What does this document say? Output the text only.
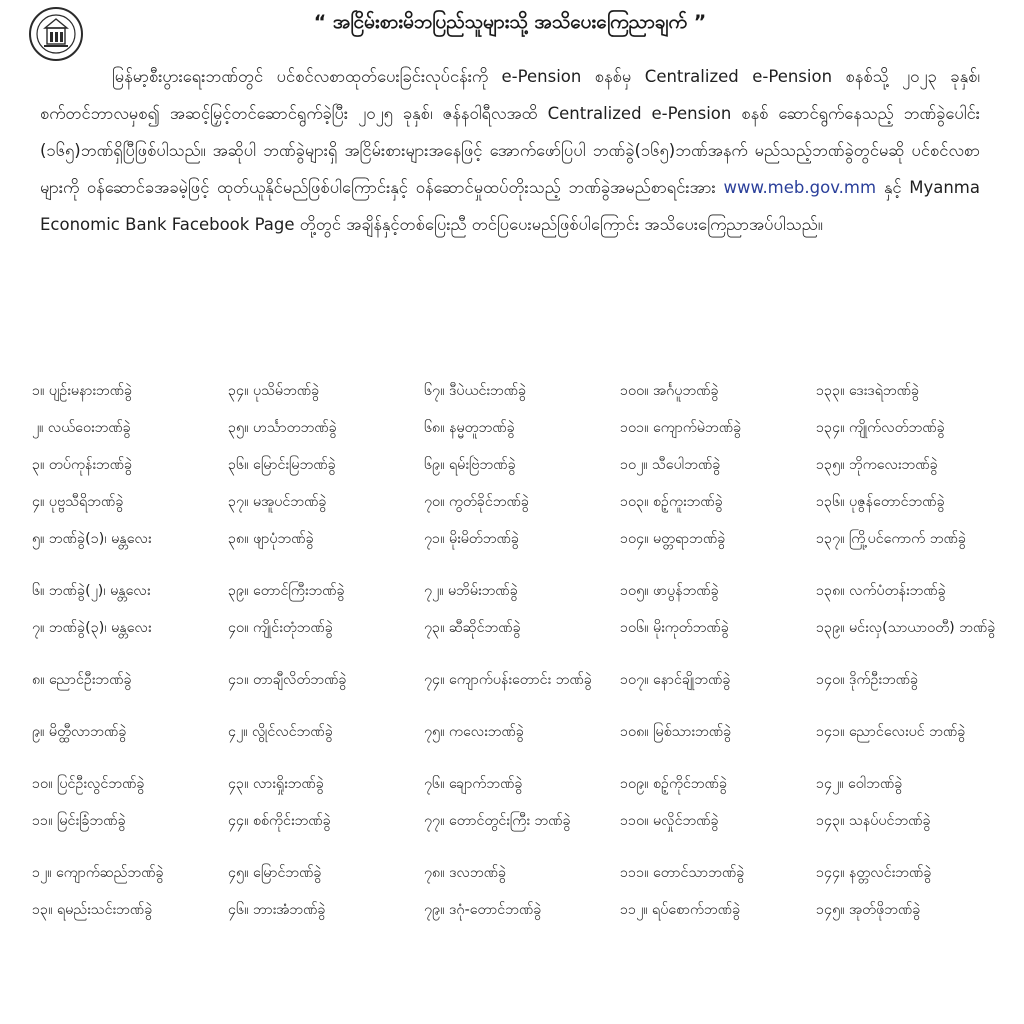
“ အငြိမ်းစားမိဘပြည်သူများသို့ အသိပေးကြေညာချက် ”

မြန်မာ့စီးပွားရေးဘဏ်တွင် ပင်စင်လစာထုတ်ပေးခြင်းလုပ်ငန်းကို e-Pension စနစ်မှ Centralized e-Pension စနစ်သို့ ၂၀၂၃ ခုနှစ်၊ စက်တင်ဘာလမှစ၍ အဆင့်မြှင့်တင်ဆောင်ရွက်ခဲ့ပြီး ၂၀၂၅ ခုနှစ်၊ ဇန်နဝါရီလအထိ Centralized e-Pension စနစ် ဆောင်ရွက်နေသည့် ဘဏ်ခွဲပေါင်း (၁၆၅)ဘဏ်ရှိပြီဖြစ်ပါသည်။ အဆိုပါ ဘဏ်ခွဲများရှိ အငြိမ်းစားများအနေဖြင့် အောက်ဖော်ပြပါ ဘဏ်ခွဲ(၁၆၅)ဘဏ်အနက် မည်သည့်ဘဏ်ခွဲတွင်မဆို ပင်စင်လစာများကို ဝန်ဆောင်ခအခမဲ့ဖြင့် ထုတ်ယူနိုင်မည်ဖြစ်ပါကြောင်းနှင့် ဝန်ဆောင်မှုထပ်တိုးသည့် ဘဏ်ခွဲအမည်စာရင်းအား www.meb.gov.mm နှင့် Myanma Economic Bank Facebook Page တို့တွင် အချိန်နှင့်တစ်ပြေးညီ တင်ပြပေးမည်ဖြစ်ပါကြောင်း အသိပေးကြေညာအပ်ပါသည်။

၁။ ပျဉ်းမနားဘဏ်ခွဲ	၃၄။ ပုသိမ်ဘဏ်ခွဲ	၆၇။ ဒီပဲယင်းဘဏ်ခွဲ	၁၀၀။ အင်္ဂပူဘဏ်ခွဲ	၁၃၃။ ဒေးဒရဲဘဏ်ခွဲ
၂။ လယ်ဝေးဘဏ်ခွဲ	၃၅။ ဟင်္သာတဘဏ်ခွဲ	၆၈။ နမ္မတူဘဏ်ခွဲ	၁၀၁။ ကျောက်မဲဘဏ်ခွဲ	၁၃၄။ ကျိုက်လတ်ဘဏ်ခွဲ
၃။ တပ်ကုန်းဘဏ်ခွဲ	၃၆။ မြောင်းမြဘဏ်ခွဲ	၆၉။ ရမ်းဗြဲဘဏ်ခွဲ	၁၀၂။ သီပေါဘဏ်ခွဲ	၁၃၅။ ဘိုကလေးဘဏ်ခွဲ
၄။ ပုဗ္ဗသီရိဘဏ်ခွဲ	၃၇။ မအူပင်ဘဏ်ခွဲ	၇၀။ ကွတ်ခိုင်ဘဏ်ခွဲ	၁၀၃။ စဥ့်ကူးဘဏ်ခွဲ	၁၃၆။ ပုဇွန်တောင်ဘဏ်ခွဲ
၅။ ဘဏ်ခွဲ(၁)၊ မန္တလေး	၃၈။ ဖျာပုံဘဏ်ခွဲ	၇၁။ မိုးမိတ်ဘဏ်ခွဲ	၁၀၄။ မတ္တရာဘဏ်ခွဲ	၁၃၇။ ကြို့ပင်ကောက် ဘဏ်ခွဲ
၆။ ဘဏ်ခွဲ(၂)၊ မန္တလေး	၃၉။ တောင်ကြီးဘဏ်ခွဲ	၇၂။ မဘိမ်းဘဏ်ခွဲ	၁၀၅။ ဖာပွန်ဘဏ်ခွဲ	၁၃၈။ လက်ပံတန်းဘဏ်ခွဲ
၇။ ဘဏ်ခွဲ(၃)၊ မန္တလေး	၄၀။ ကျိုင်းတုံဘဏ်ခွဲ	၇၃။ ဆီဆိုင်ဘဏ်ခွဲ	၁၀၆။ မိုးကုတ်ဘဏ်ခွဲ	၁၃၉။ မင်းလှ(သာယာဝတီ) ဘဏ်ခွဲ
၈။ ညောင်ဦးဘဏ်ခွဲ	၄၁။ တာချီလိတ်ဘဏ်ခွဲ	၇၄။ ကျောက်ပန်းတောင်း ဘဏ်ခွဲ	၁၀၇။ နောင်ချိုဘဏ်ခွဲ	၁၄၀။ ဒိုက်ဦးဘဏ်ခွဲ
၉။ မိတ္ထီလာဘဏ်ခွဲ	၄၂။ လွိုင်လင်ဘဏ်ခွဲ	၇၅။ ကလေးဘဏ်ခွဲ	၁၀၈။ မြစ်သားဘဏ်ခွဲ	၁၄၁။ ညောင်လေးပင် ဘဏ်ခွဲ
၁၀။ ပြင်ဦးလွင်ဘဏ်ခွဲ	၄၃။ လားရှိုးဘဏ်ခွဲ	၇၆။ ချောက်ဘဏ်ခွဲ	၁၀၉။ စဥ့်ကိုင်ဘဏ်ခွဲ	၁၄၂။ ဝေါဘဏ်ခွဲ
၁၁။ မြင်းခြံဘဏ်ခွဲ	၄၄။ စစ်ကိုင်းဘဏ်ခွဲ	၇၇။ တောင်တွင်းကြီး ဘဏ်ခွဲ	၁၁၀။ မလှိုင်ဘဏ်ခွဲ	၁၄၃။ သနပ်ပင်ဘဏ်ခွဲ
၁၂။ ကျောက်ဆည်ဘဏ်ခွဲ	၄၅။ မြောင်ဘဏ်ခွဲ	၇၈။ ဒလဘဏ်ခွဲ	၁၁၁။ တောင်သာဘဏ်ခွဲ	၁၄၄။ နတ္တလင်းဘဏ်ခွဲ
၁၃။ ရမည်းသင်းဘဏ်ခွဲ	၄၆။ ဘားအံဘဏ်ခွဲ	၇၉။ ဒဂုံ-တောင်ဘဏ်ခွဲ	၁၁၂။ ရပ်စောက်ဘဏ်ခွဲ	၁၄၅။ အုတ်ဖိုဘဏ်ခွဲ
